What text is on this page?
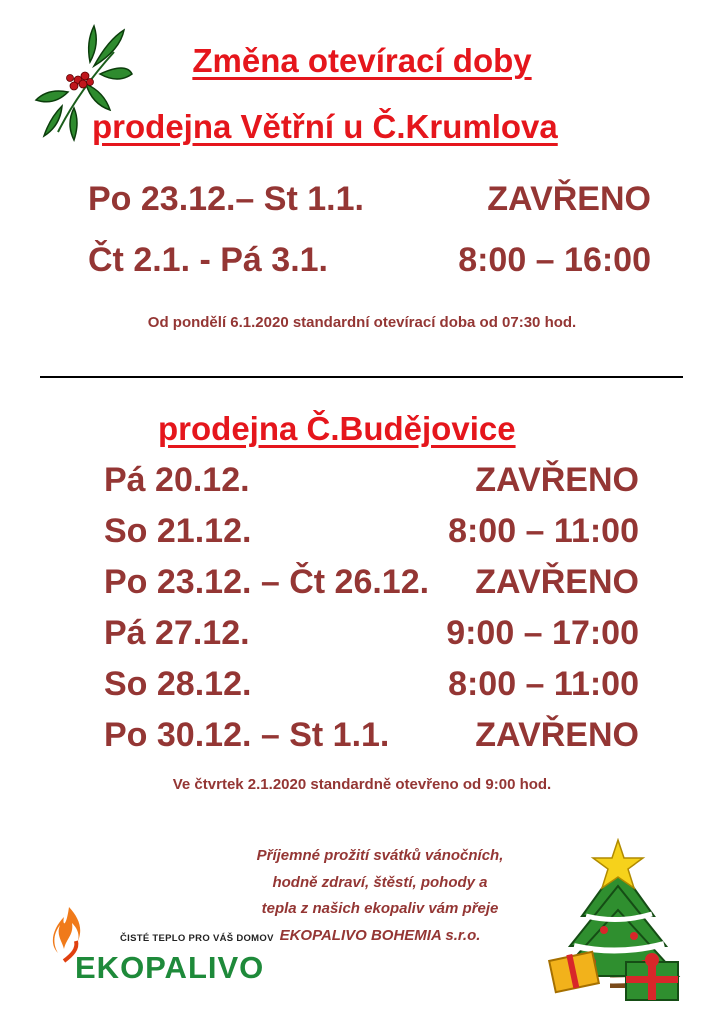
Změna otevírací doby
prodejna Větřní u Č.Krumlova
Po 23.12.– St 1.1.	ZAVŘENO
Čt 2.1. - Pá 3.1.	8:00 – 16:00
Od pondělí 6.1.2020 standardní otevírací doba od 07:30 hod.
prodejna Č.Budějovice
Pá 20.12.	ZAVŘENO
So 21.12.	8:00 – 11:00
Po 23.12. – Čt 26.12. ZAVŘENO
Pá 27.12.	9:00 – 17:00
So 28.12.	8:00 – 11:00
Po 30.12. – St 1.1.	ZAVŘENO
Ve čtvrtek 2.1.2020 standardně otevřeno od 9:00 hod.
Příjemné prožití svátků vánočních,
hodně zdraví, štěstí, pohody a
tepla z našich ekopaliv vám přeje
EKOPALIVO BOHEMIA s.r.o.
ČISTÉ TEPLO PRO VÁŠ DOMOV
EKOPALIVO
